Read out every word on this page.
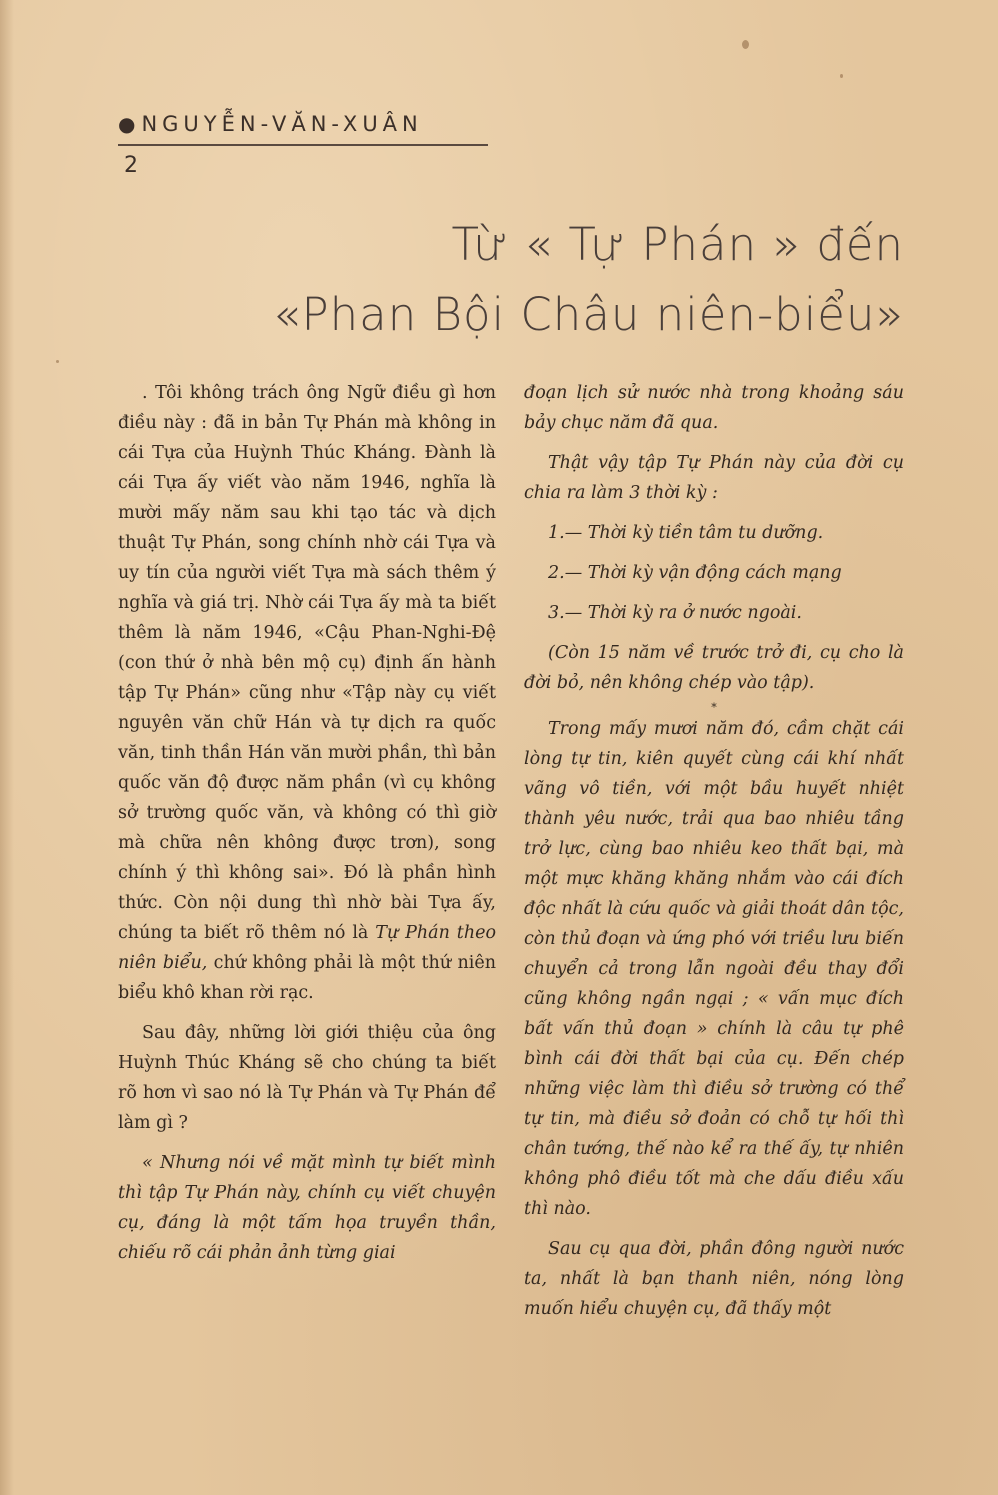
● NGUYỄN-VĂN-XUÂN
2
Từ « Tự Phán » đến
«Phan Bội Châu niên-biểu»

. Tôi không trách ông Ngữ điều gì hơn điều này : đã in bản Tự Phán mà không in cái Tựa của Huỳnh Thúc Kháng. Đành là cái Tựa ấy viết vào năm 1946, nghĩa là mười mấy năm sau khi tạo tác và dịch thuật Tự Phán, song chính nhờ cái Tựa và uy tín của người viết Tựa mà sách thêm ý nghĩa và giá trị. Nhờ cái Tựa ấy mà ta biết thêm là năm 1946, «Cậu Phan-Nghi-Đệ (con thứ ở nhà bên mộ cụ) định ấn hành tập Tự Phán» cũng như «Tập này cụ viết nguyên văn chữ Hán và tự dịch ra quốc văn, tinh thần Hán văn mười phần, thì bản quốc văn độ được năm phần (vì cụ không sở trường quốc văn, và không có thì giờ mà chữa nên không được trơn), song chính ý thì không sai». Đó là phần hình thức. Còn nội dung thì nhờ bài Tựa ấy, chúng ta biết rõ thêm nó là Tự Phán theo niên biểu, chứ không phải là một thứ niên biểu khô khan rời rạc.

Sau đây, những lời giới thiệu của ông Huỳnh Thúc Kháng sẽ cho chúng ta biết rõ hơn vì sao nó là Tự Phán và Tự Phán để làm gì ?

« Nhưng nói về mặt mình tự biết mình thì tập Tự Phán này, chính cụ viết chuyện cụ, đáng là một tấm họa truyền thần, chiếu rõ cái phản ảnh từng giai

đoạn lịch sử nước nhà trong khoảng sáu bảy chục năm đã qua.

Thật vậy tập Tự Phán này của đời cụ chia ra làm 3 thời kỳ :

1.— Thời kỳ tiền tâm tu dưỡng.

2.— Thời kỳ vận động cách mạng

3.— Thời kỳ ra ở nước ngoài.

(Còn 15 năm về trước trở đi, cụ cho là đời bỏ, nên không chép vào tập).

*

Trong mấy mươi năm đó, cầm chặt cái lòng tự tin, kiên quyết cùng cái khí nhất vãng vô tiền, với một bầu huyết nhiệt thành yêu nước, trải qua bao nhiêu tầng trở lực, cùng bao nhiêu keo thất bại, mà một mực khăng khăng nhắm vào cái đích độc nhất là cứu quốc và giải thoát dân tộc, còn thủ đoạn và ứng phó với triều lưu biến chuyển cả trong lẫn ngoài đều thay đổi cũng không ngần ngại ; « vấn mục đích bất vấn thủ đoạn » chính là câu tự phê bình cái đời thất bại của cụ. Đến chép những việc làm thì điều sở trường có thể tự tin, mà điều sở đoản có chỗ tự hối thì chân tướng, thế nào kể ra thế ấy, tự nhiên không phô điều tốt mà che dấu điều xấu thì nào.

Sau cụ qua đời, phần đông người nước ta, nhất là bạn thanh niên, nóng lòng muốn hiểu chuyện cụ, đã thấy một
